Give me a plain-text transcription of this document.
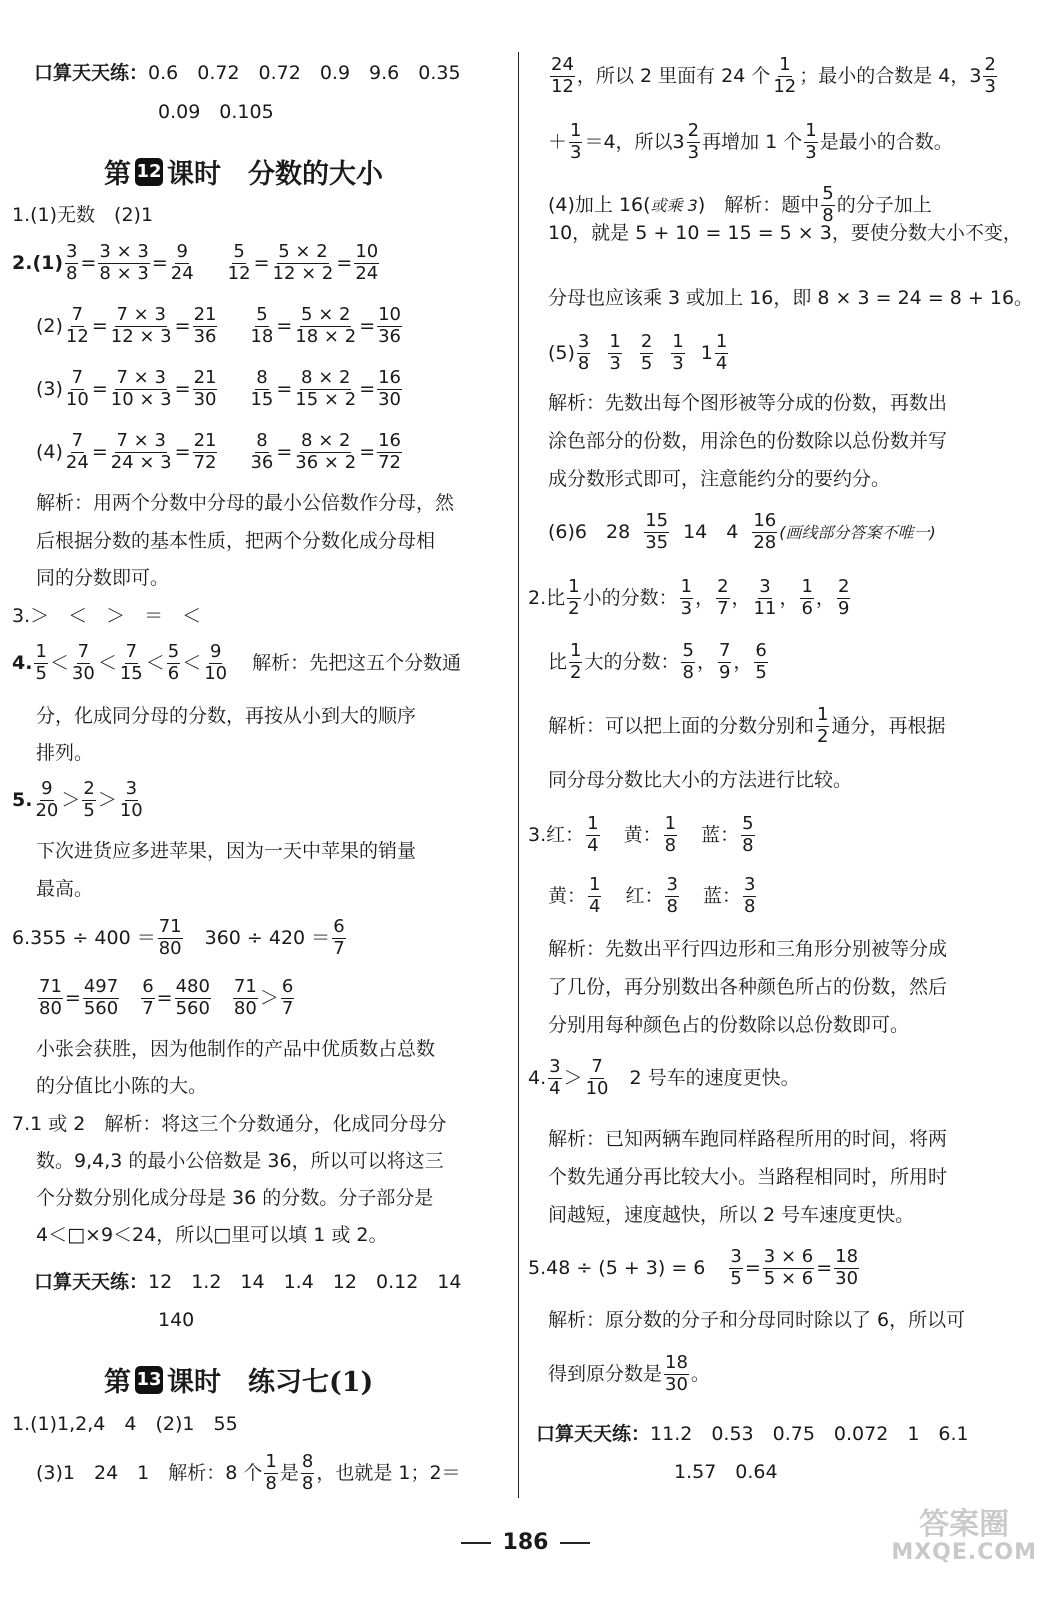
口算天天练： 0.6　0.72　0.72　0.9　9.6　0.35
0.09　0.105
第 12 课时　分数的大小
1.(1)无数　(2)1
$2.(1) \frac{3}{8} = \frac{3 \times 3}{8 \times 3} = \frac{9}{24} \frac{5}{12} = \frac{5 \times 2}{12 \times 2} = \frac{10}{24}$
$(2) \frac{7}{12} = \frac{7 \times 3}{12 \times 3} = \frac{21}{36} \frac{5}{18} = \frac{5 \times 2}{18 \times 2} = \frac{10}{36}$
$(3) \frac{7}{10} = \frac{7 \times 3}{10 \times 3} = \frac{21}{30} \frac{8}{15} = \frac{8 \times 2}{15 \times 2} = \frac{16}{30}$
$(4) \frac{7}{24} = \frac{7 \times 3}{24 \times 3} = \frac{21}{72} \frac{8}{36} = \frac{8 \times 2}{36 \times 2} = \frac{16}{72}$
解析：用两个分数中分母的最小公倍数作分母，然
后根据分数的基本性质，把两个分数化成分母相
同的分数即可。
3.＞　＜　＞　＝　＜
4. $\frac{1}{5} < \frac{7}{30} < \frac{7}{15} < \frac{5}{6} < \frac{9}{10}$ 解析：先把这五个分数通
分，化成同分母的分数，再按从小到大的顺序
排列。
5. $\frac{9}{20} > \frac{2}{5} > \frac{3}{10}$
下次进货应多进苹果，因为一天中苹果的销量
最高。
$6.355 \div 400 = \frac{71}{80} 360 \div 420 = \frac{6}{7}$
$\frac{71}{80} = \frac{497}{560} \frac{6}{7} = \frac{480}{560} \frac{71}{80} > \frac{6}{7}$
小张会获胜，因为他制作的产品中优质数占总数
的分值比小陈的大。
7.1 或 2　解析：将这三个分数通分，化成同分母分
数。9,4,3 的最小公倍数是 36，所以可以将这三
个分数分别化成分母是 36 的分数。分子部分是
4＜□×9＜24，所以□里可以填 1 或 2。
口算天天练： 12　1.2　14　1.4　12　0.12　14
140
第 13 课时　练习七(1)
1.(1)1,2,4　4　(2)1　55
(3)1　24　1　解析：8 个 $\frac{1}{8}$ 是 $\frac{8}{8}$ ，也就是 1；2＝
$\frac{24}{12}$ ，所以 2 里面有 24 个 $\frac{1}{12}$ ；最小的合数是 4，$3 \frac{2}{3}$
＋ $\frac{1}{3} =4$，所以$3 \frac{2}{3}$ 再增加 1 个 $\frac{1}{3}$ 是最小的合数。
(4)加上 16( 或乘 3 )　解析：题中 $\frac{5}{8}$ 的分子加上
10，就是 5 + 10 = 15 = 5 × 3，要使分数大小不变，
分母也应该乘 3 或加上 16，即 8 × 3 = 24 = 8 + 16。
$(5) \frac{3}{8} \frac{1}{3} \frac{2}{5} \frac{1}{3} 1 \frac{1}{4}$
解析：先数出每个图形被等分成的份数，再数出
涂色部分的份数，用涂色的份数除以总份数并写
成分数形式即可，注意能约分的要约分。
(6)6　$28 \frac{15}{35} 14$　$4 \frac{16}{28}$ (画线部分答案不唯一)
2.比 $\frac{1}{2}$ 小的分数： $\frac{1}{3}$ ， $\frac{2}{7}$ ， $\frac{3}{11}$ ， $\frac{1}{6}$ ， $\frac{2}{9}$
比 $\frac{1}{2}$ 大的分数： $\frac{5}{8}$ ， $\frac{7}{9}$ ， $\frac{6}{5}$
解析：可以把上面的分数分别和 $\frac{1}{2}$ 通分，再根据
同分母分数比大小的方法进行比较。
3.红： $\frac{1}{4}$ 黄： $\frac{1}{8}$ 蓝： $\frac{5}{8}$
黄： $\frac{1}{4}$ 红： $\frac{3}{8}$ 蓝： $\frac{3}{8}$
解析：先数出平行四边形和三角形分别被等分成
了几份，再分别数出各种颜色所占的份数，然后
分别用每种颜色占的份数除以总份数即可。
4. $\frac{3}{4} > \frac{7}{10} 2$ 号车的速度更快。
解析：已知两辆车跑同样路程所用的时间，将两
个数先通分再比较大小。当路程相同时，所用时
间越短，速度越快，所以 2 号车速度更快。
$5.48 \div (5 + 3) = 6 \frac{3}{5} = \frac{3 \times 6}{5 \times 6} = \frac{18}{30}$
解析：原分数的分子和分母同时除以了 6，所以可
得到原分数是 $\frac{18}{30}$ 。
口算天天练： 11.2　0.53　0.75　0.072　1　6.1
1.57　0.64
186
答案圈
MXQE.COM
